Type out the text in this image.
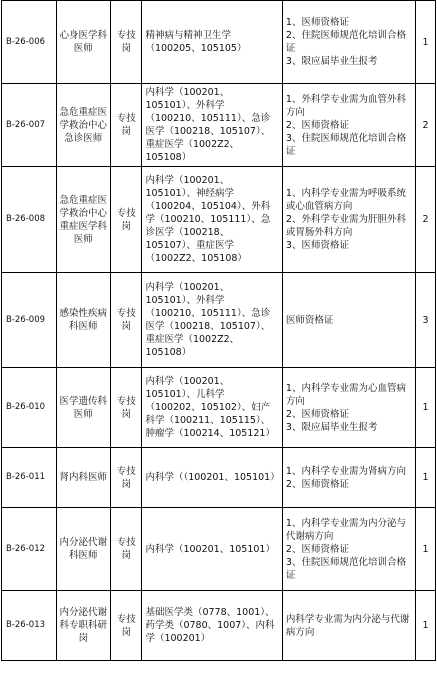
B-26-006	心身医学科医师	专技岗	精神病与精神卫生学（100205、105105）	1、医师资格证
2、住院医师规范化培训合格证
3、限应届毕业生报考	1
B-26-007	急危重症医学救治中心急诊医师	专技岗	内科学（100201、105101）、外科学（100210、105111）、急诊医学（100218、105107）、重症医学（1002Z2、105108）	1、外科学专业需为血管外科方向
2、医师资格证
3、住院医师规范化培训合格证	2
B-26-008	急危重症医学救治中心重症医学科医师	专技岗	内科学（100201、105101）、神经病学（100204、105104）、外科学（100210、105111）、急诊医学（100218、105107）、重症医学（1002Z2、105108）	1、内科学专业需为呼吸系统或心血管病方向
2、外科学专业需为肝胆外科或胃肠外科方向
3、医师资格证	2
B-26-009	感染性疾病科医师	专技岗	内科学（100201、105101）、外科学（100210、105111）、急诊医学（100218、105107）、重症医学（1002Z2、105108）	医师资格证	3
B-26-010	医学遗传科医师	专技岗	内科学（100201、105101）、儿科学（100202、105102）、妇产科学（100211、105115）、肿瘤学（100214、105121）	1、内科学专业需为心血管病方向
2、医师资格证
3、限应届毕业生报考	1
B-26-011	肾内科医师	专技岗	内科学（（100201、105101）	1、内科学专业需为肾病方向
2、医师资格证	1
B-26-012	内分泌代谢科医师	专技岗	内科学（100201、105101）	1、内科学专业需为内分泌与代谢病方向
2、医师资格证
3、住院医师规范化培训合格证	1
B-26-013	内分泌代谢科专职科研岗	专技岗	基础医学类（0778、1001）、药学类（0780、1007）、内科学（100201）	内科学专业需为内分泌与代谢病方向	1
